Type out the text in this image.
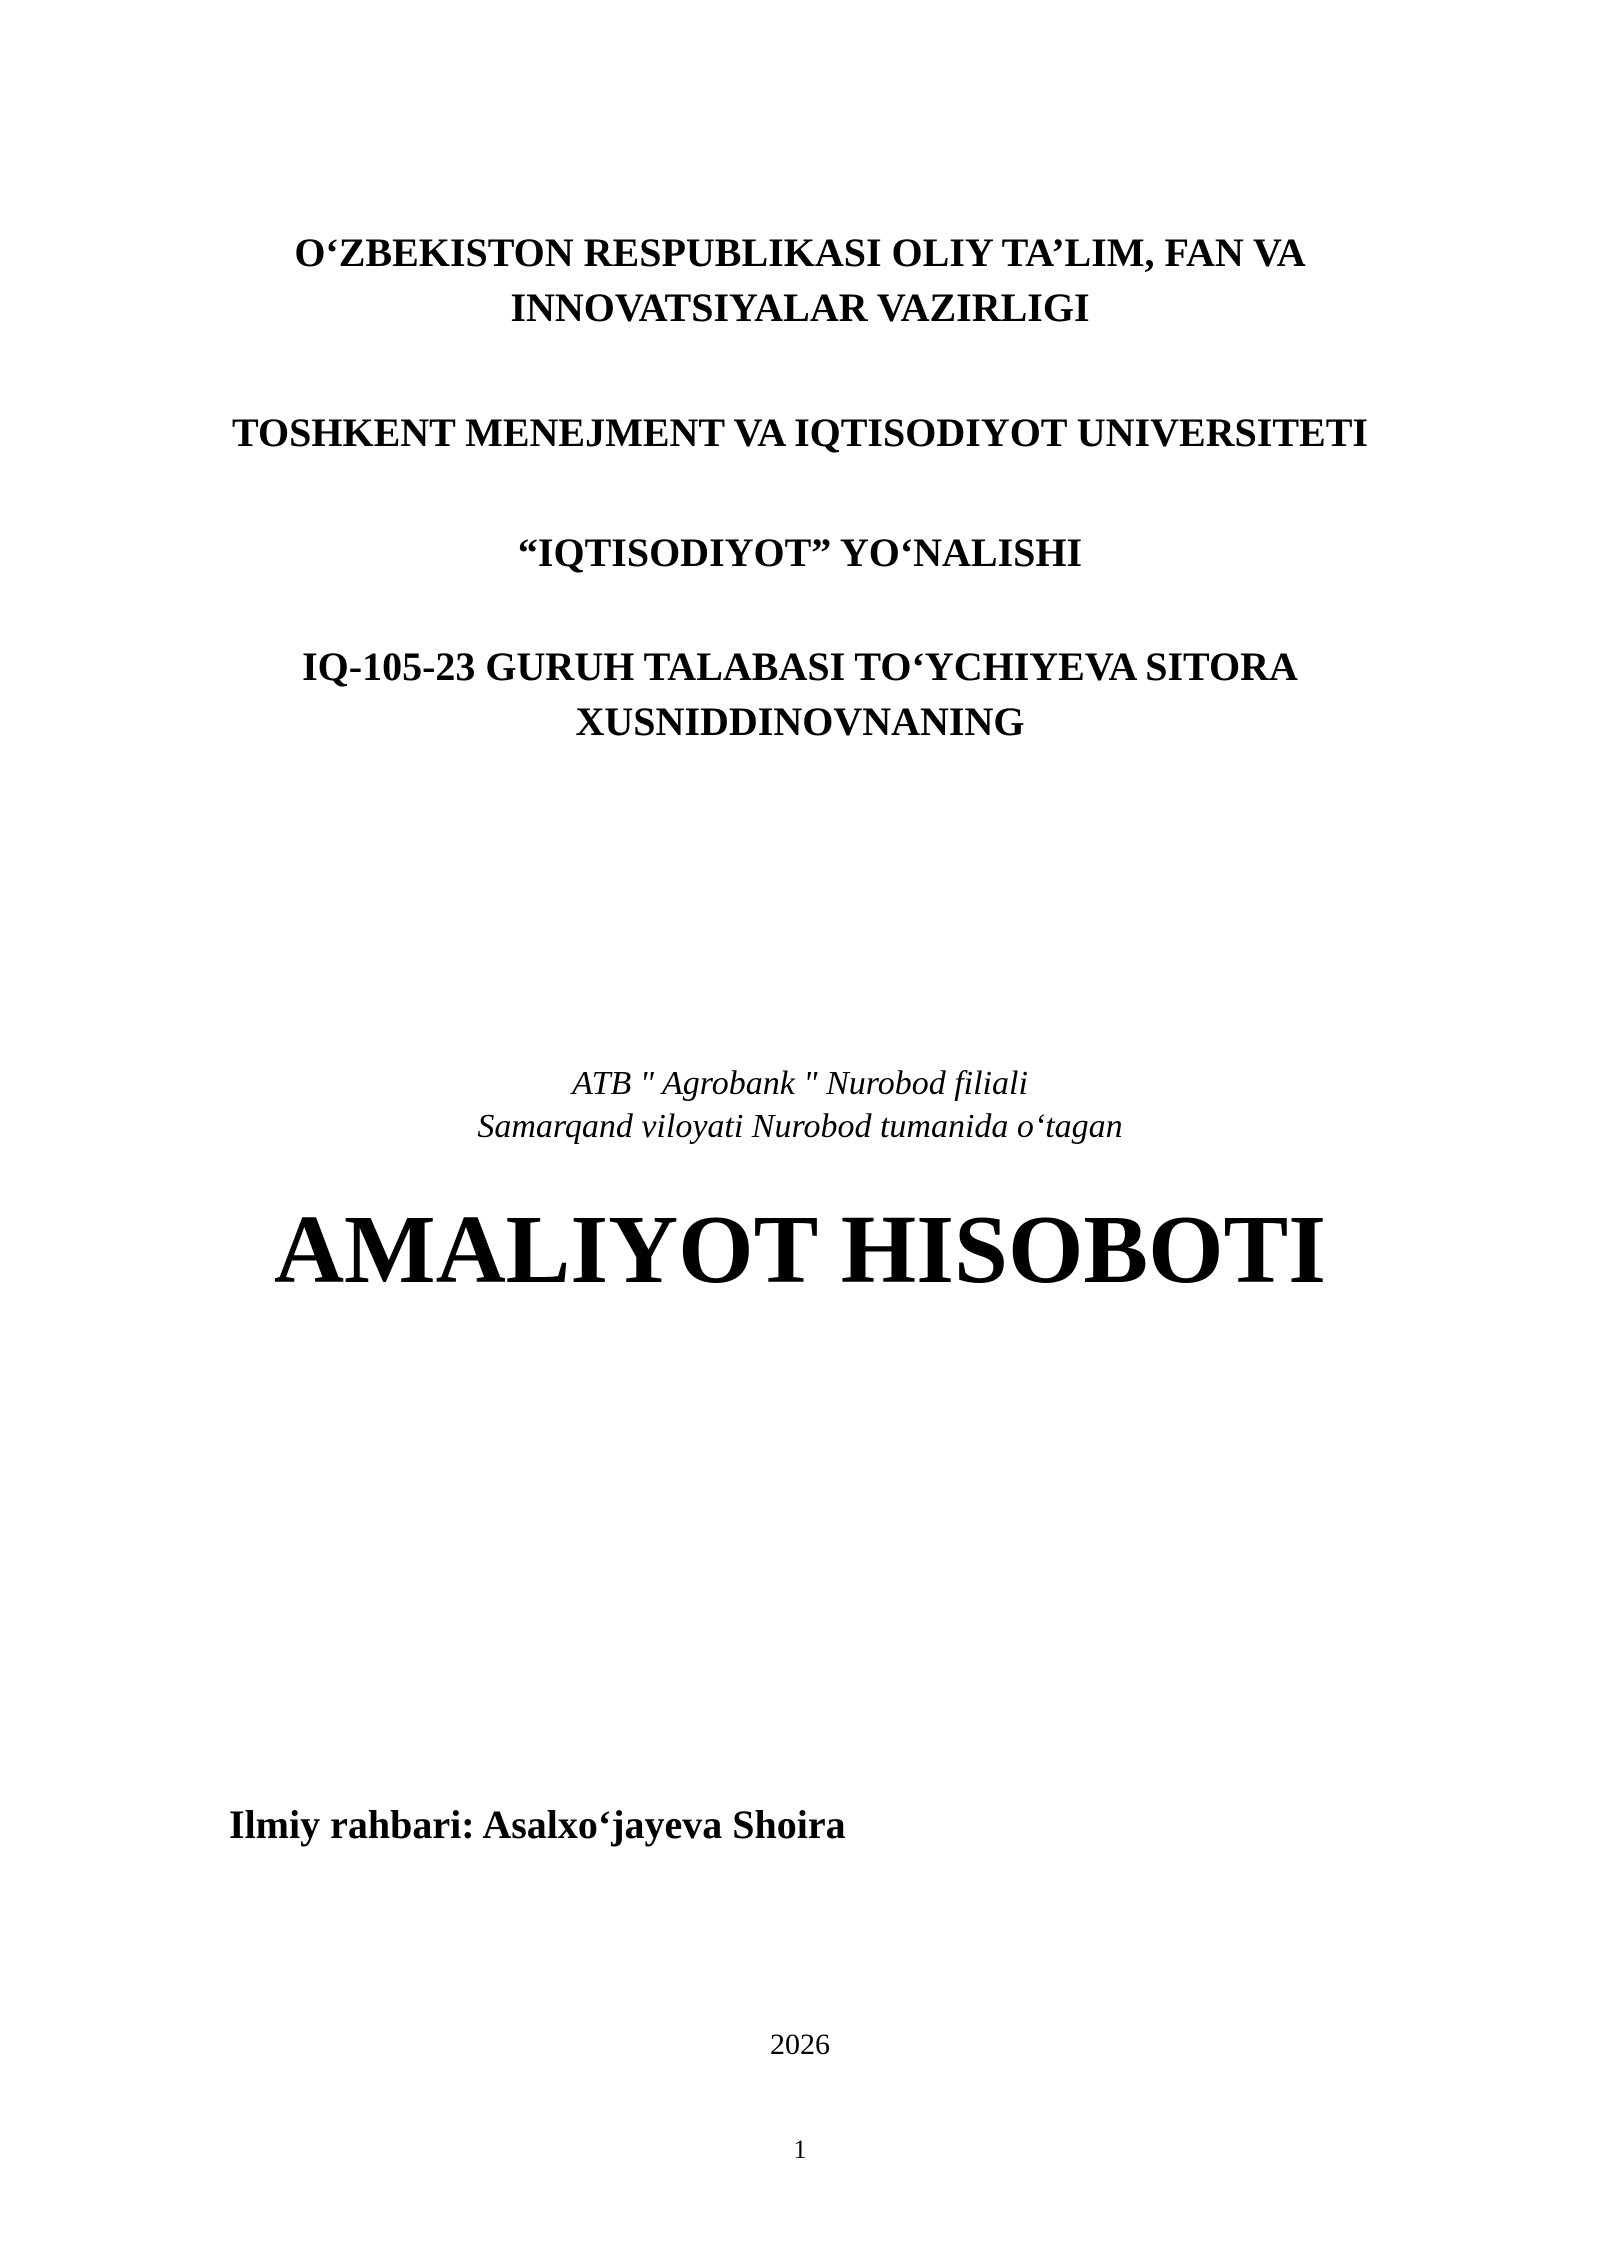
O‘ZBEKISTON RESPUBLIKASI OLIY TA’LIM, FAN VA
INNOVATSIYALAR VAZIRLIGI
TOSHKENT MENEJMENT VA IQTISODIYOT UNIVERSITETI
“IQTISODIYOT” YO‘NALISHI
IQ-105-23 GURUH TALABASI TO‘YCHIYEVA SITORA
XUSNIDDINOVNANING
ATB " Agrobank " Nurobod filiali
Samarqand viloyati Nurobod tumanida o‘tagan
AMALIYOT HISOBOTI
Ilmiy rahbari: Asalxo‘jayeva Shoira
2026
1
